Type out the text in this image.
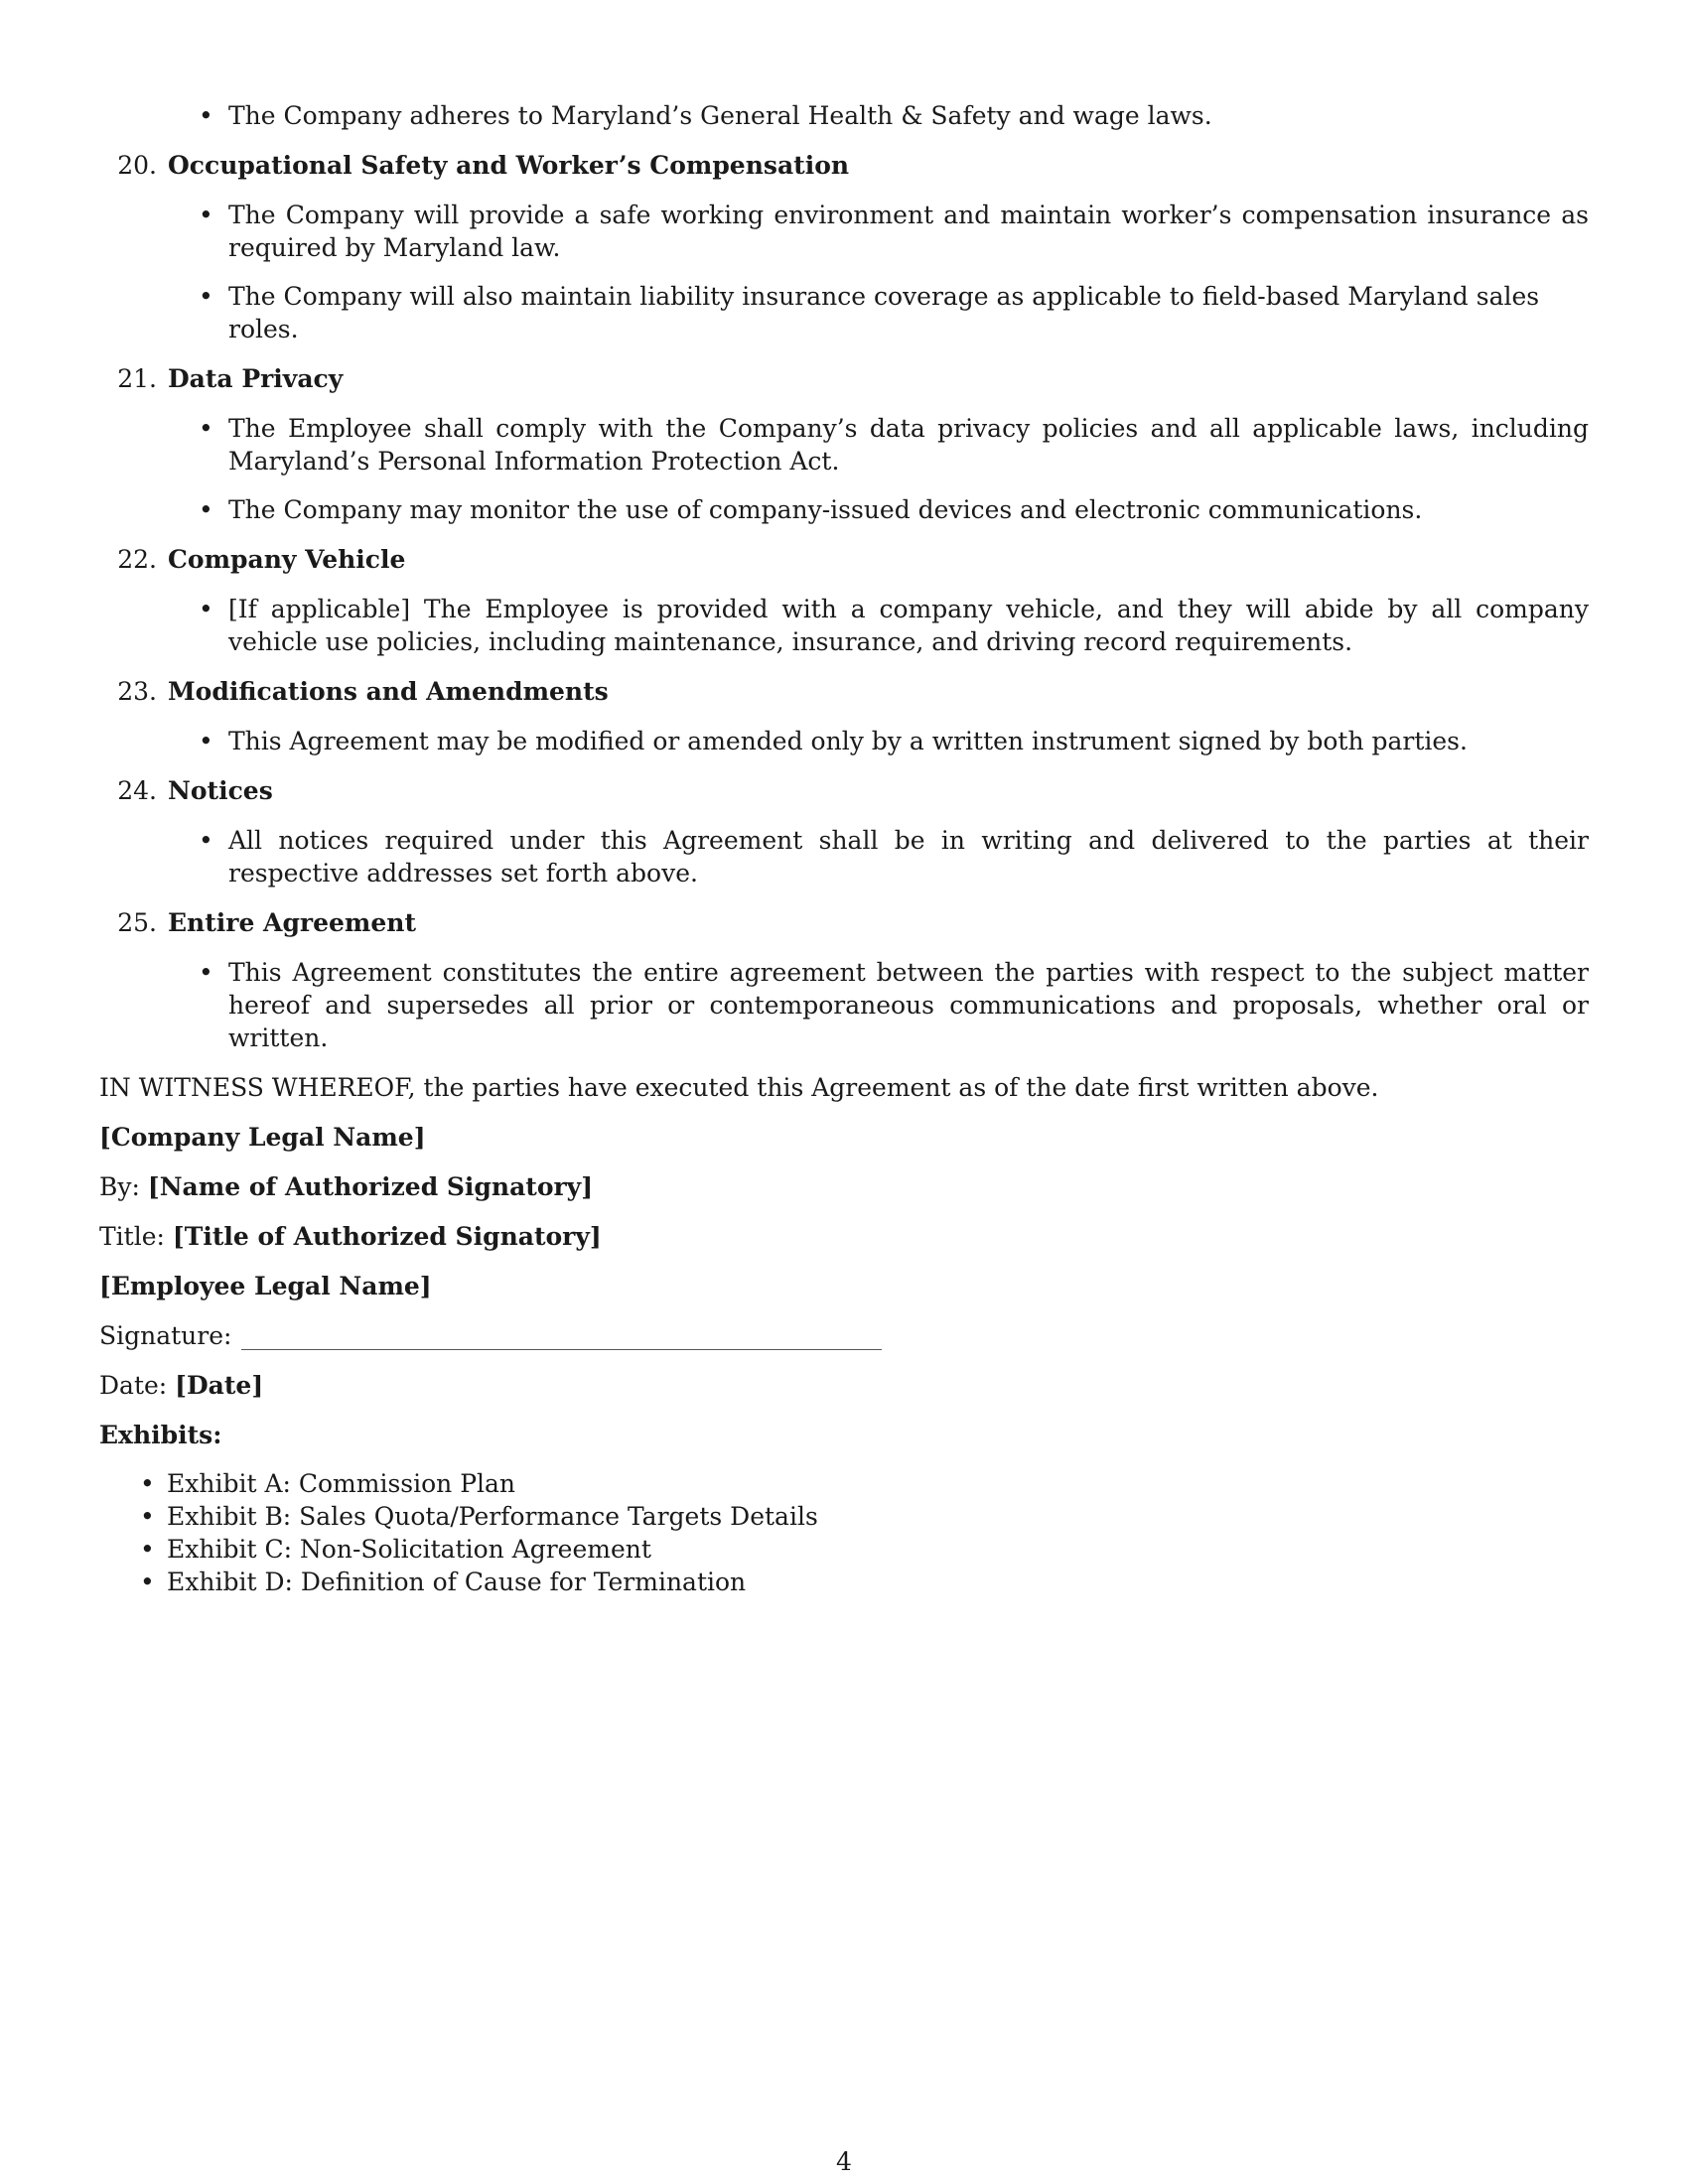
• The Company adheres to Maryland’s General Health & Safety and wage laws.
20. Occupational Safety and Worker’s Compensation
• The Company will provide a safe working environment and maintain worker’s compensation insurance as required by Maryland law.
• The Company will also maintain liability insurance coverage as applicable to field-based Maryland sales roles.
21. Data Privacy
• The Employee shall comply with the Company’s data privacy policies and all applicable laws, including Maryland’s Personal Information Protection Act.
• The Company may monitor the use of company-issued devices and electronic communications.
22. Company Vehicle
• [If applicable] The Employee is provided with a company vehicle, and they will abide by all company vehicle use policies, including maintenance, insurance, and driving record requirements.
23. Modifications and Amendments
• This Agreement may be modified or amended only by a written instrument signed by both parties.
24. Notices
• All notices required under this Agreement shall be in writing and delivered to the parties at their respective addresses set forth above.
25. Entire Agreement
• This Agreement constitutes the entire agreement between the parties with respect to the subject matter hereof and supersedes all prior or contemporaneous communications and proposals, whether oral or written.
IN WITNESS WHEREOF, the parties have executed this Agreement as of the date first written above.
[Company Legal Name]
By: [Name of Authorized Signatory]
Title: [Title of Authorized Signatory]
[Employee Legal Name]
Signature:
Date: [Date]
Exhibits:
• Exhibit A: Commission Plan
• Exhibit B: Sales Quota/Performance Targets Details
• Exhibit C: Non-Solicitation Agreement
• Exhibit D: Definition of Cause for Termination
4
